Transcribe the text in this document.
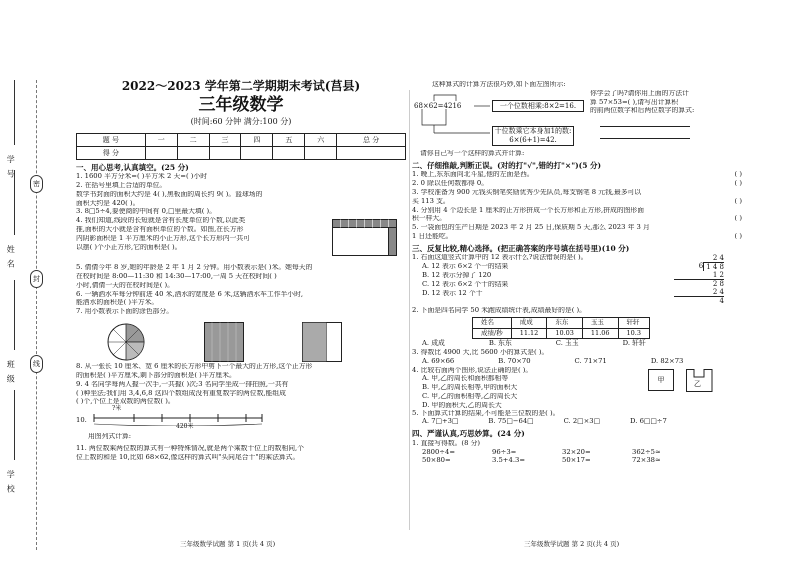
学 校
班 级
姓 名
学 号
密
封
线
2022～2023 学年第二学期期末考试(莒县)
三年级数学
(时间:60 分钟 满分:100 分)
题 号	一	二	三	四	五	六	总 分
得 分							
一、用心思考,认真填空。(25 分)
1. 1600 平方分米=( )平方米 2 天=( )小时
2. 在括号里填上合适的单位。
数学书封面的面积大约是 4( ),黑板面的周长约 9( )。篮球场的
面积大约是 420( )。
3. 8□5÷4,要使商的中间有 0,□里最大填( )。
4. 我们知道,线段的长短就是含有长度单位的个数,以此类
推,面积的大小就是含有面积单位的个数。如图,在长方形
内阴影面积是 1 平方厘米的小正方形,这个长方形内一共可
以摆( )个小正方形,它的面积是( )。
5. 倩倩今年 8 岁,她的年龄是 2 年 1 月 2 分钟。用小数表示是( )米。她每天的
在校时间是 8:00—11:30 和 14:30—17:00,一周 5 天在校时间( )
小时,倩倩一天的在校时间是( )。
6. 一辆洒水车每分钟前进 40 米,洒水的宽度是 6 米,这辆洒水车工作半小时,
能洒水的面积是( )平方米。
7. 用小数表示下面的涂色部分。
8. 从一张长 10 厘米、宽 6 厘米的长方形中剪下一个最大的正方形,这个正方形
的面积是( )平方厘米,剩下部分的面积是( )平方厘米。
9. 4 名同学每两人握一次手,一共握( )次;3 名同学坐成一排拍照,一共有
( )种坐法;我们用 3,4,6,8 这四个数组成没有重复数字的两位数,能组成
( )个,个位上是双数的两位数( )。
10.
?米
420米
用图列式计算:
11. 两位数乘两位数的算式有一种特殊情况,就是两个乘数十位上的数相同,个
位上数的和是 10,比如 68×62,像这样的算式叫"头同尾合十"的乘法算式。
三年级数学试题 第 1 页(共 4 页)
这种算式的计算方法很巧妙,如下面左图所示:
68×62=4216	一个位数相乘:8×2=16.
十位数乘它本身加1的数:
6×(6+1)=42.
你学会了吗?请你用上面的方法计
算 57×53=( ),请写出计算积
的前两位数字和后两位数字的算式:
请你自己写一个这样的算式并计算:
二、仔细推敲,判断正误。(对的打"√",错的打"×")(5 分)
1. 晚上,东东面向北斗星,他的左面是西。	( )
2. 0 除以任何数都得 0。	( )
3. 学校准备为 900 元钱买钢笔奖励优秀少先队员,每支钢笔 8 元钱,最多可以
买 113 支。	( )
4. 分别用 4 个边长是 1 厘米的正方形拼成一个长方形和正方形,拼成的图形面
积一样大。	( )
5. 一袋面包的生产日期是 2023 年 2 月 25 日,保质期 5 天,那么 2023 年 3 月
1 日还能吃。	( )
三、反复比较,精心选择。(把正确答案的序号填在括号里)(10 分)
1. 右面这道竖式计算中的 12 表示什么?说法错误的是( )。
A. 12 表示 6×2 个一的结果
B. 12 表示分掉了 120
C. 12 表示 6×2 个十的结果
D. 12 表示 12 个十
2 4
6 1 4 8
1 2
2 8
2 4
4
2. 下面是四名同学 50 米跑成绩统计表,成绩最好的是( )。
姓名	成成	东东	玉玉	轩轩
成绩/秒	11.12	10.03	11.06	10.3
A. 成成	B. 东东	C. 玉玉	D. 轩轩
3. 得数比 4900 大,比 5600 小的算式是( )。
A. 69×66	B. 70×70	C. 71×71	D. 82×73
4. 比较右面两个图形,说法正确的是( )。
A. 甲,乙的周长和面积都相等
B. 甲,乙的周长相等,甲的面积大
C. 甲,乙的面积相等,乙的周长大
D. 甲的面积大,乙的周长大
甲	乙
5. 下面算式计算的结果,不可能是三位数的是( )。
A. 7□+3□	B. 75□−64□	C. 2□×3□	D. 6□□÷7
四、严谨认真,巧思妙算。(24 分)
1. 直接写得数。(8 分)
2800÷4=	96÷3=	32×20=	362÷5≈
50×80=	3.5+4.3=	50×17=	72×38≈
三年级数学试题 第 2 页(共 4 页)
